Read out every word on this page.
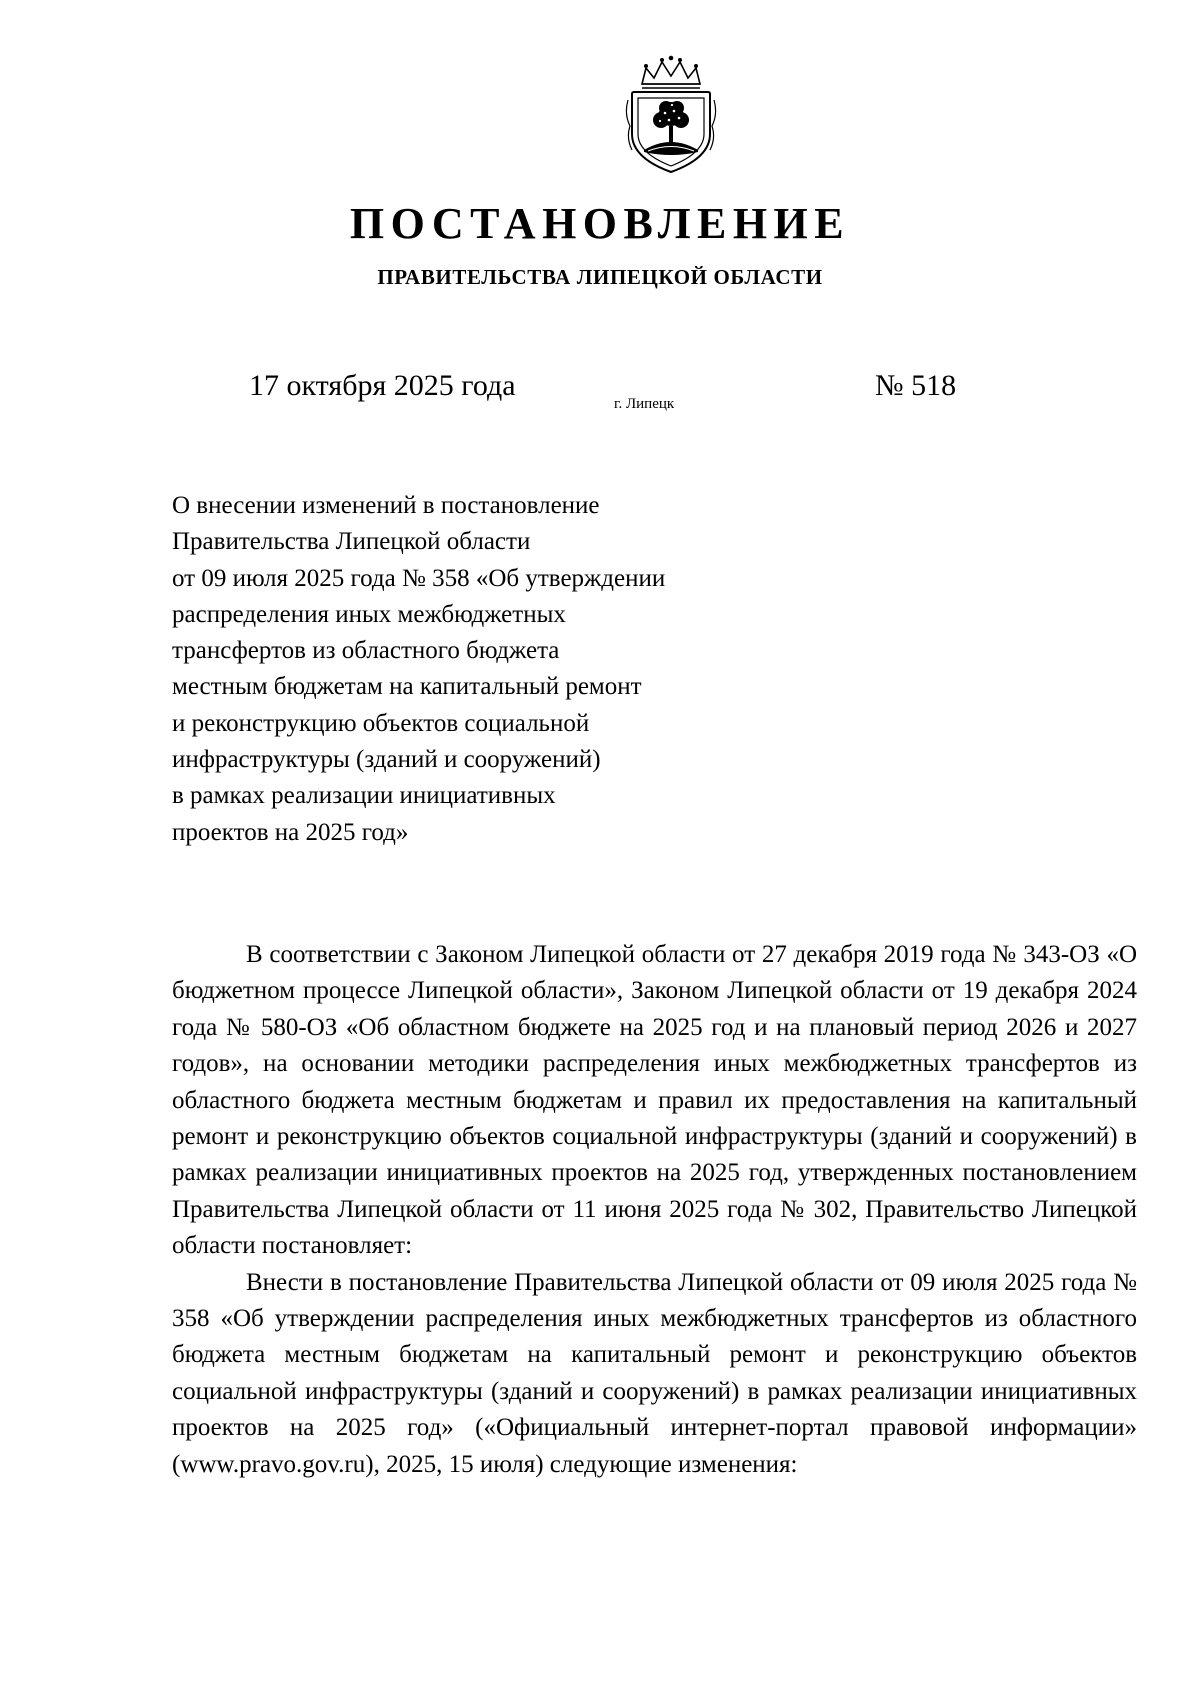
ПОСТАНОВЛЕНИЕ
ПРАВИТЕЛЬСТВА ЛИПЕЦКОЙ ОБЛАСТИ
17 октября 2025 года
г. Липецк
№ 518
О внесении изменений в постановление
Правительства Липецкой области
от 09 июля 2025 года № 358 «Об утверждении
распределения иных межбюджетных
трансфертов из областного бюджета
местным бюджетам на капитальный ремонт
и реконструкцию объектов социальной
инфраструктуры (зданий и сооружений)
в рамках реализации инициативных
проектов на 2025 год»

В соответствии с Законом Липецкой области от 27 декабря 2019 года № 343-ОЗ «О бюджетном процессе Липецкой области», Законом Липецкой области от 19 декабря 2024 года № 580-ОЗ «Об областном бюджете на 2025 год и на плановый период 2026 и 2027 годов», на основании методики распределения иных межбюджетных трансфертов из областного бюджета местным бюджетам и правил их предоставления на капитальный ремонт и реконструкцию объектов социальной инфраструктуры (зданий и сооружений) в рамках реализации инициативных проектов на 2025 год, утвержденных постановлением Правительства Липецкой области от 11 июня 2025 года № 302, Правительство Липецкой области постановляет:

Внести в постановление Правительства Липецкой области от 09 июля 2025 года № 358 «Об утверждении распределения иных межбюджетных трансфертов из областного бюджета местным бюджетам на капитальный ремонт и реконструкцию объектов социальной инфраструктуры (зданий и сооружений) в рамках реализации инициативных проектов на 2025 год» («Официальный интернет-портал правовой информации» (www.pravo.gov.ru), 2025, 15 июля) следующие изменения:
